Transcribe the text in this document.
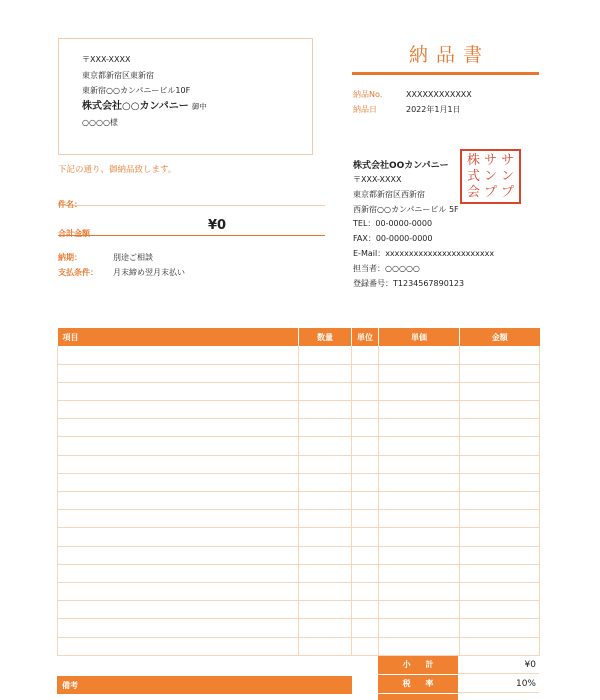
〒XXX-XXXX
東京都新宿区東新宿
東新宿○○カンパニービル10F
株式会社○○カンパニー 御中
○○○○様
納品書
納品No.	XXXXXXXXXXXX
納品日	2022年1月1日
下記の通り、御納品致します。
件名：
合計金額
¥0
納期：	別途ご相談
支払条件： 月末締め翌月末払い
株式会社OOカンパニー
〒XXX-XXXX
東京都新宿区西新宿
西新宿○○カンパニービル 5F
TEL：00-0000-0000
FAX：00-0000-0000
E-Mail：xxxxxxxxxxxxxxxxxxxxxxx
担当者：○○○○○
登録番号：T1234567890123
株 サ サ
式 ン ン
会 プ プ
項目	数量	単位	単価	金額

備考
小 計	¥0
税 率	10%
